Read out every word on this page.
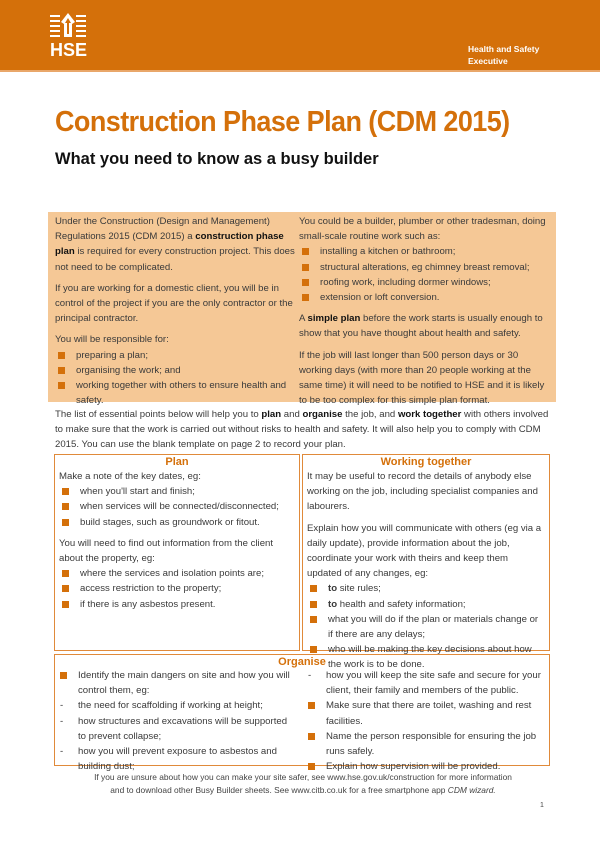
HSE	Health and Safety
Executive
Construction Phase Plan (CDM 2015)
What you need to know as a busy builder

Under the Construction (Design and Management) Regulations 2015 (CDM 2015) a construction phase plan is required for every construction project. This does not need to be complicated.

If you are working for a domestic client, you will be in control of the project if you are the only contractor or the principal contractor.

You will be responsible for:
preparing a plan;
organising the work; and
working together with others to ensure health and safety.
You could be a builder, plumber or other tradesman, doing small-scale routine work such as:
installing a kitchen or bathroom;
structural alterations, eg chimney breast removal;
roofing work, including dormer windows;
extension or loft conversion.

A simple plan before the work starts is usually enough to show that you have thought about health and safety.

If the job will last longer than 500 person days or 30 working days (with more than 20 people working at the same time) it will need to be notified to HSE and it is likely to be too complex for this simple plan format.

The list of essential points below will help you to plan and organise the job, and work together with others involved to make sure that the work is carried out without risks to health and safety. It will also help you to comply with CDM 2015. You can use the blank template on page 2 to record your plan.
Plan
Make a note of the key dates, eg:
when you'll start and finish;
when services will be connected/disconnected;
build stages, such as groundwork or fitout.
You will need to find out information from the client about the property, eg:
where the services and isolation points are;
access restriction to the property;
if there is any asbestos present.
Working together

It may be useful to record the details of anybody else working on the job, including specialist companies and labourers.

Explain how you will communicate with others (eg via a daily update), provide information about the job, coordinate your work with theirs and keep them updated of any changes, eg:
to site rules;
to health and safety information;
what you will do if the plan or materials change or if there are any delays;
who will be making the key decisions about how the work is to be done.
Organise
Identify the main dangers on site and how you will control them, eg:
- the need for scaffolding if working at height;
- how structures and excavations will be supported to prevent collapse;
- how you will prevent exposure to asbestos and building dust;
- how you will keep the site safe and secure for your client, their family and members of the public.
Make sure that there are toilet, washing and rest facilities.
Name the person responsible for ensuring the job runs safely.
Explain how supervision will be provided.
If you are unsure about how you can make your site safer, see www.hse.gov.uk/construction for more information
and to download other Busy Builder sheets. See www.citb.co.uk for a free smartphone app CDM wizard.
1
